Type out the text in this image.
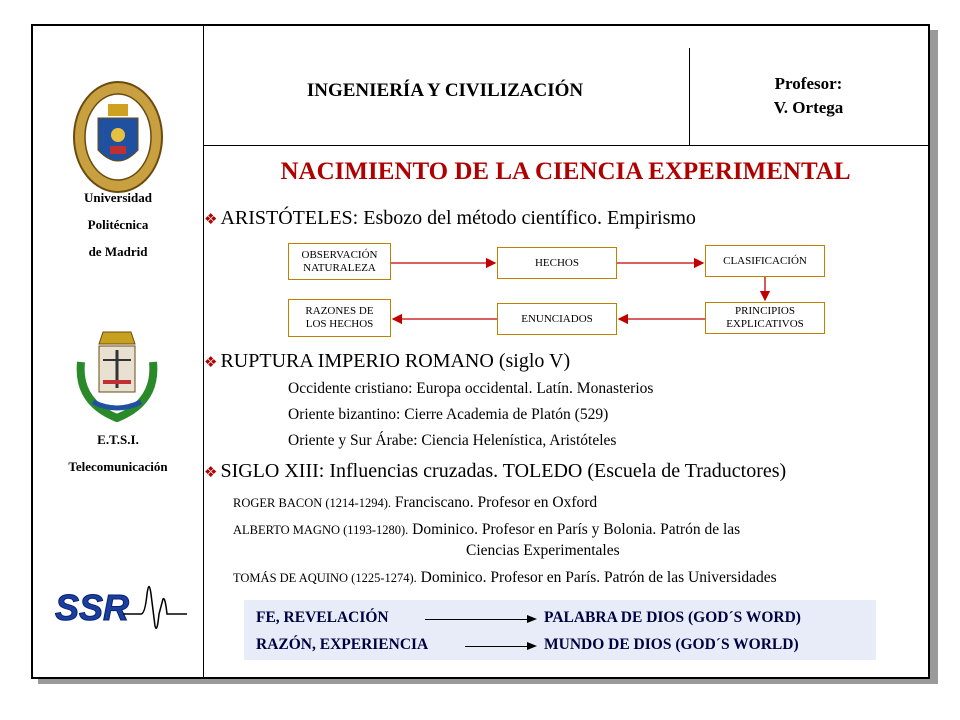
Universidad
Politécnica
de Madrid
E.T.S.I.
Telecomunicación
SSR
INGENIERÍA Y CIVILIZACIÓN	Profesor:
V. Ortega
NACIMIENTO DE LA CIENCIA EXPERIMENTAL
❖ ARISTÓTELES: Esbozo del método científico. Empirismo
OBSERVACIÓN NATURALEZA	HECHOS	CLASIFICACIÓN
PRINCIPIOS EXPLICATIVOS
ENUNCIADOS
RAZONES DE LOS HECHOS
❖ RUPTURA IMPERIO ROMANO (siglo V)
Occidente cristiano: Europa occidental. Latín. Monasterios
Oriente bizantino: Cierre Academia de Platón (529)
Oriente y Sur Árabe: Ciencia Helenística, Aristóteles
❖ SIGLO XIII: Influencias cruzadas. TOLEDO (Escuela de Traductores)
ROGER BACON (1214-1294). Franciscano. Profesor en Oxford
ALBERTO MAGNO (1193-1280). Dominico. Profesor en París y Bolonia. Patrón de las
Ciencias Experimentales
TOMÁS DE AQUINO (1225-1274). Dominico. Profesor en París. Patrón de las Universidades
FE, REVELACIÓN	PALABRA DE DIOS (GOD´S WORD)
RAZÓN, EXPERIENCIA	MUNDO DE DIOS (GOD´S WORLD)
